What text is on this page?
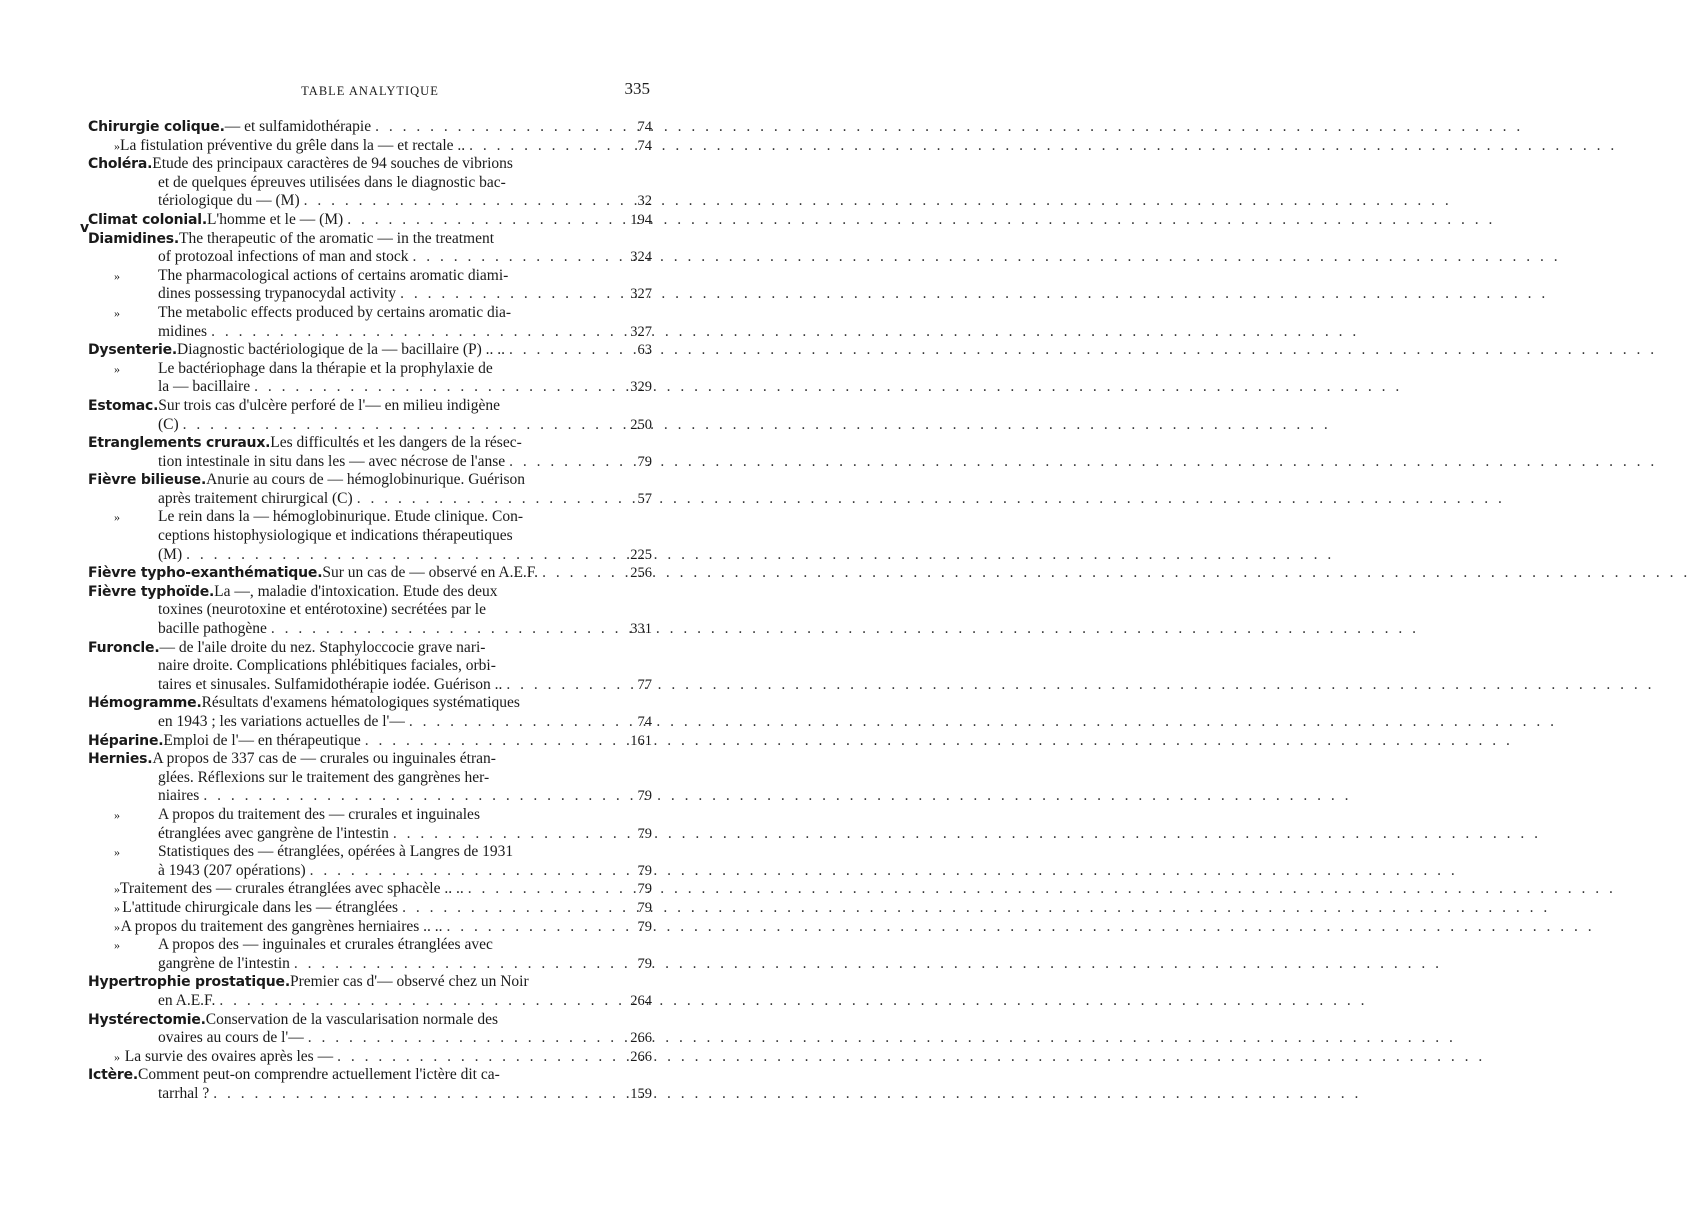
TABLE ANALYTIQUE	335
v
Chirurgie colique. — et sulfamidothérapie . . .	74
» La fistulation préventive du grêle dans la — et rectale .. . . .	74
Choléra. Etude des principaux caractères de 94 souches de vibrions
et de quelques épreuves utilisées dans le diagnostic bac-
tériologique du — (M) . . .	32
Climat colonial. L'homme et le — (M) . . .	194
Diamidines. The therapeutic of the aromatic — in the treatment
of protozoal infections of man and stock . . .	324
»	The pharmacological actions of certains aromatic diami-
dines possessing trypanocydal activity . . .	327
»	The metabolic effects produced by certains aromatic dia-
midines . . .	327
Dysenterie. Diagnostic bactériologique de la — bacillaire (P) .. .. . . .	63
»	Le bactériophage dans la thérapie et la prophylaxie de
la — bacillaire . . .	329
Estomac. Sur trois cas d'ulcère perforé de l'— en milieu indigène
(C) . . .	250
Etranglements cruraux. Les difficultés et les dangers de la résec-
tion intestinale in situ dans les — avec nécrose de l'anse . . .	79
Fièvre bilieuse. Anurie au cours de — hémoglobinurique. Guérison
après traitement chirurgical (C) . . .	57
»	Le rein dans la — hémoglobinurique. Etude clinique. Con-
ceptions histophysiologique et indications thérapeutiques
(M) . . .	225
Fièvre typho-exanthématique. Sur un cas de — observé en A.E.F. . . .	256
Fièvre typhoïde. La —, maladie d'intoxication. Etude des deux
toxines (neurotoxine et entérotoxine) secrétées par le
bacille pathogène . . .	331
Furoncle. — de l'aile droite du nez. Staphyloccocie grave nari-
naire droite. Complications phlébitiques faciales, orbi-
taires et sinusales. Sulfamidothérapie iodée. Guérison .. . . .	77
Hémogramme. Résultats d'examens hématologiques systématiques
en 1943 ; les variations actuelles de l'— . . .	74
Héparine. Emploi de l'— en thérapeutique . . .	161
Hernies. A propos de 337 cas de — crurales ou inguinales étran-
glées. Réflexions sur le traitement des gangrènes her-
niaires . . .	79
»	A propos du traitement des — crurales et inguinales
étranglées avec gangrène de l'intestin . . .	79
»	Statistiques des — étranglées, opérées à Langres de 1931
à 1943 (207 opérations) . . .	79
» Traitement des — crurales étranglées avec sphacèle .. .. . . .	79
» L'attitude chirurgicale dans les — étranglées . . .	79
» A propos du traitement des gangrènes herniaires .. .. . . .	79
»	A propos des — inguinales et crurales étranglées avec
gangrène de l'intestin . . .	79
Hypertrophie prostatique. Premier cas d'— observé chez un Noir
en A.E.F. . . .	264
Hystérectomie. Conservation de la vascularisation normale des
ovaires au cours de l'— . . .	266
» La survie des ovaires après les — . . .	266
Ictère. Comment peut-on comprendre actuellement l'ictère dit ca-
tarrhal ? . . .	159
